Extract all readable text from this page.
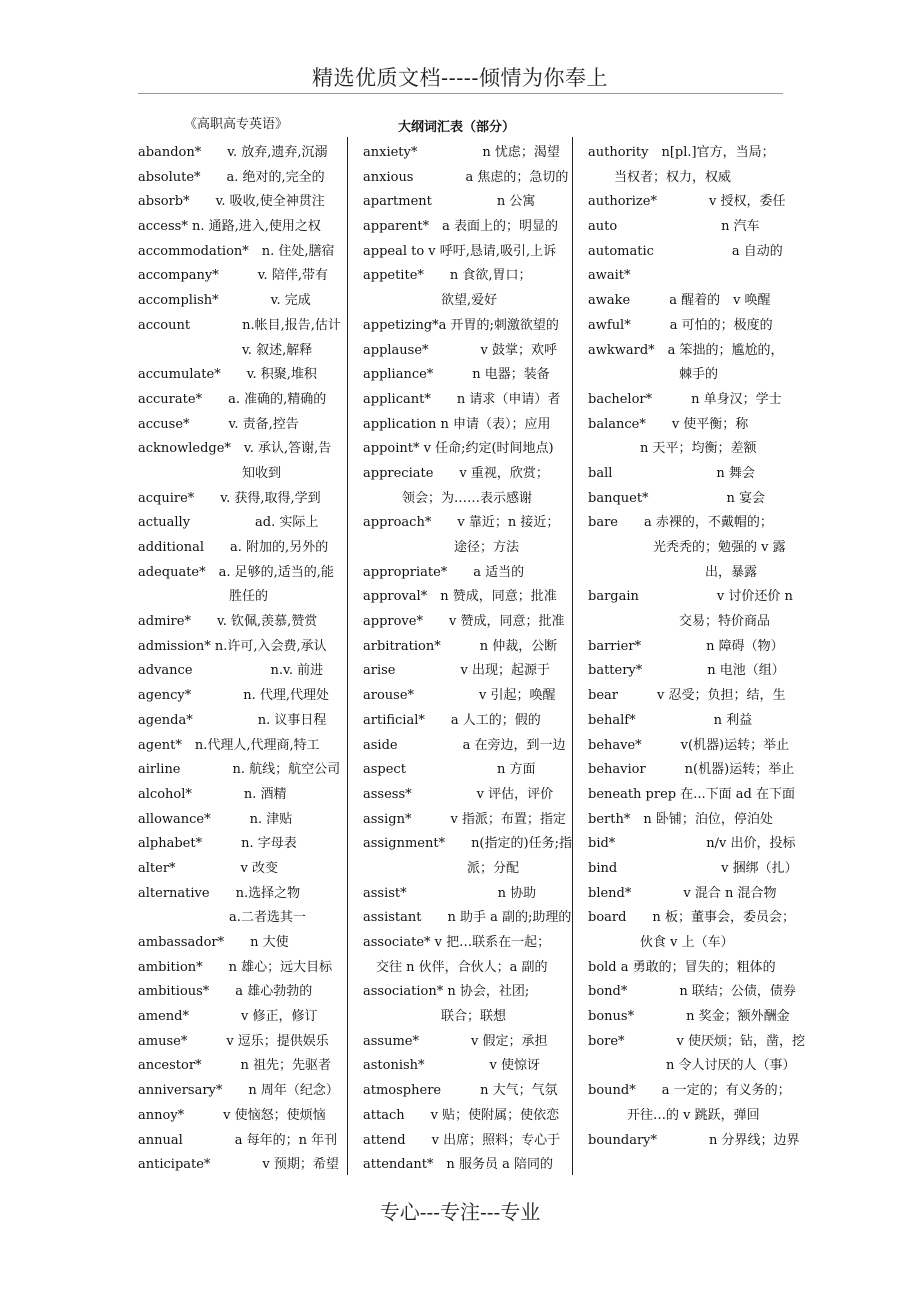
精选优质文档-----倾情为你奉上
《高职高专英语》	大纲词汇表（部分）
abandon*　　v. 放弃,遗弃,沉溺
absolute*　　a. 绝对的,完全的
absorb*　　v. 吸收,使全神贯注
access* n. 通路,进入,使用之权
accommodation*　n. 住处,膳宿
accompany*　　　v. 陪伴,带有
accomplish*　　　　v. 完成
account　　　　n.帐目,报告,估计
　　　　　　　　v. 叙述,解释
accumulate*　　v. 积聚,堆积
accurate*　　a. 准确的,精确的
accuse*　　　v. 责备,控告
acknowledge*　v. 承认,答谢,告
　　　　　　　　知收到
acquire*　　v. 获得,取得,学到
actually　　　　　ad. 实际上
additional　　a. 附加的,另外的
adequate*　a. 足够的,适当的,能
　　　　　　　胜任的
admire*　　v. 钦佩,羡慕,赞赏
admission* n.许可,入会费,承认
advance　　　　　　n.v. 前进
agency*　　　　n. 代理,代理处
agenda*　　　　　n. 议事日程
agent*　n.代理人,代理商,特工
airline　　　　n. 航线；航空公司
alcohol*　　　　n. 酒精
allowance*　　　n. 津贴
alphabet*　　　n. 字母表
alter*　　　　　v 改变
alternative　　n.选择之物
　　　　　　　a.二者选其一
ambassador*　　n 大使
ambition*　　n 雄心；远大目标
ambitious*　　a 雄心勃勃的
amend*　　　　v 修正，修订
amuse*　　　v 逗乐；提供娱乐
ancestor*　　　n 祖先；先驱者
anniversary*　　n 周年（纪念）
annoy*　　　v 使恼怒；使烦恼
annual　　　　a 每年的；n 年刊
anticipate*　　　　v 预期；希望
anxiety*　　　　　n 忧虑；渴望
anxious　　　　a 焦虑的；急切的
apartment　　　　　n 公寓
apparent*　a 表面上的；明显的
appeal to v 呼吁,恳请,吸引,上诉
appetite*　　n 食欲,胃口；
　　　　　　欲望,爱好
appetizing*a 开胃的;刺激欲望的
applause*　　　　v 鼓掌；欢呼
appliance*　　　n 电器；装备
applicant*　　n 请求（申请）者
application n 申请（表）；应用
appoint* v 任命;约定(时间地点)
appreciate　　v 重视，欣赏；
　　　领会；为……表示感谢
approach*　　v 靠近；n 接近；
　　　　　　　途径；方法
appropriate*　　a 适当的
approval*　n 赞成，同意；批准
approve*　　v 赞成，同意；批准
arbitration*　　　n 仲裁，公断
arise　　　　　v 出现；起源于
arouse*　　　　　v 引起；唤醒
artificial*　　a 人工的；假的
aside　　　　　a 在旁边，到一边
aspect　　　　　　　n 方面
assess*　　　　　v 评估，评价
assign*　　　v 指派；布置；指定
assignment*　　n(指定的)任务;指
　　　　　　　　派；分配
assist*　　　　　　　n 协助
assistant　　n 助手 a 副的;助理的
associate* v 把…联系在一起；
　交往 n 伙伴，合伙人；a 副的
association* n 协会，社团;
　　　　　　联合；联想
assume*　　　　v 假定；承担
astonish*　　　　　v 使惊讶
atmosphere　　　n 大气；气氛
attach　　v 贴；使附属；使依恋
attend　　v 出席；照料；专心于
attendant*　n 服务员 a 陪同的
authority　n[pl.]官方，当局；
　　当权者；权力，权威
authorize*　　　　v 授权，委任
auto　　　　　　　　n 汽车
automatic　　　　　　a 自动的
await*
awake　　　a 醒着的　v 唤醒
awful*　　　a 可怕的；极度的
awkward*　a 笨拙的；尴尬的，
　　　　　　　棘手的
bachelor*　　　n 单身汉；学士
balance*　　v 使平衡；称
　　　　n 天平；均衡；差额
ball　　　　　　　　n 舞会
banquet*　　　　　　n 宴会
bare　　a 赤裸的，不戴帽的；
　　　　　光秃秃的；勉强的 v 露
　　　　　　　　　出，暴露
bargain　　　　　　v 讨价还价 n
　　　　　　　交易；特价商品
barrier*　　　　　n 障碍（物）
battery*　　　　　n 电池（组）
bear　　　v 忍受；负担；结，生
behalf*　　　　　　n 利益
behave*　　　v(机器)运转；举止
behavior　　　n(机器)运转；举止
beneath prep 在...下面 ad 在下面
berth*　n 卧铺；泊位，停泊处
bid*　　　　　　　n/v 出价，投标
bind　　　　　　　　v 捆绑（扎）
blend*　　　　v 混合 n 混合物
board　　n 板；董事会，委员会；
　　　　伙食 v 上（车）
bold a 勇敢的；冒失的；粗体的
bond*　　　　n 联结；公债，债券
bonus*　　　　n 奖金；额外酬金
bore*　　　　v 使厌烦；钻，凿，挖
　　　　　　n 令人讨厌的人（事）
bound*　　a 一定的；有义务的；
　　　开往…的 v 跳跃，弹回
boundary*　　　　n 分界线；边界
专心---专注---专业
